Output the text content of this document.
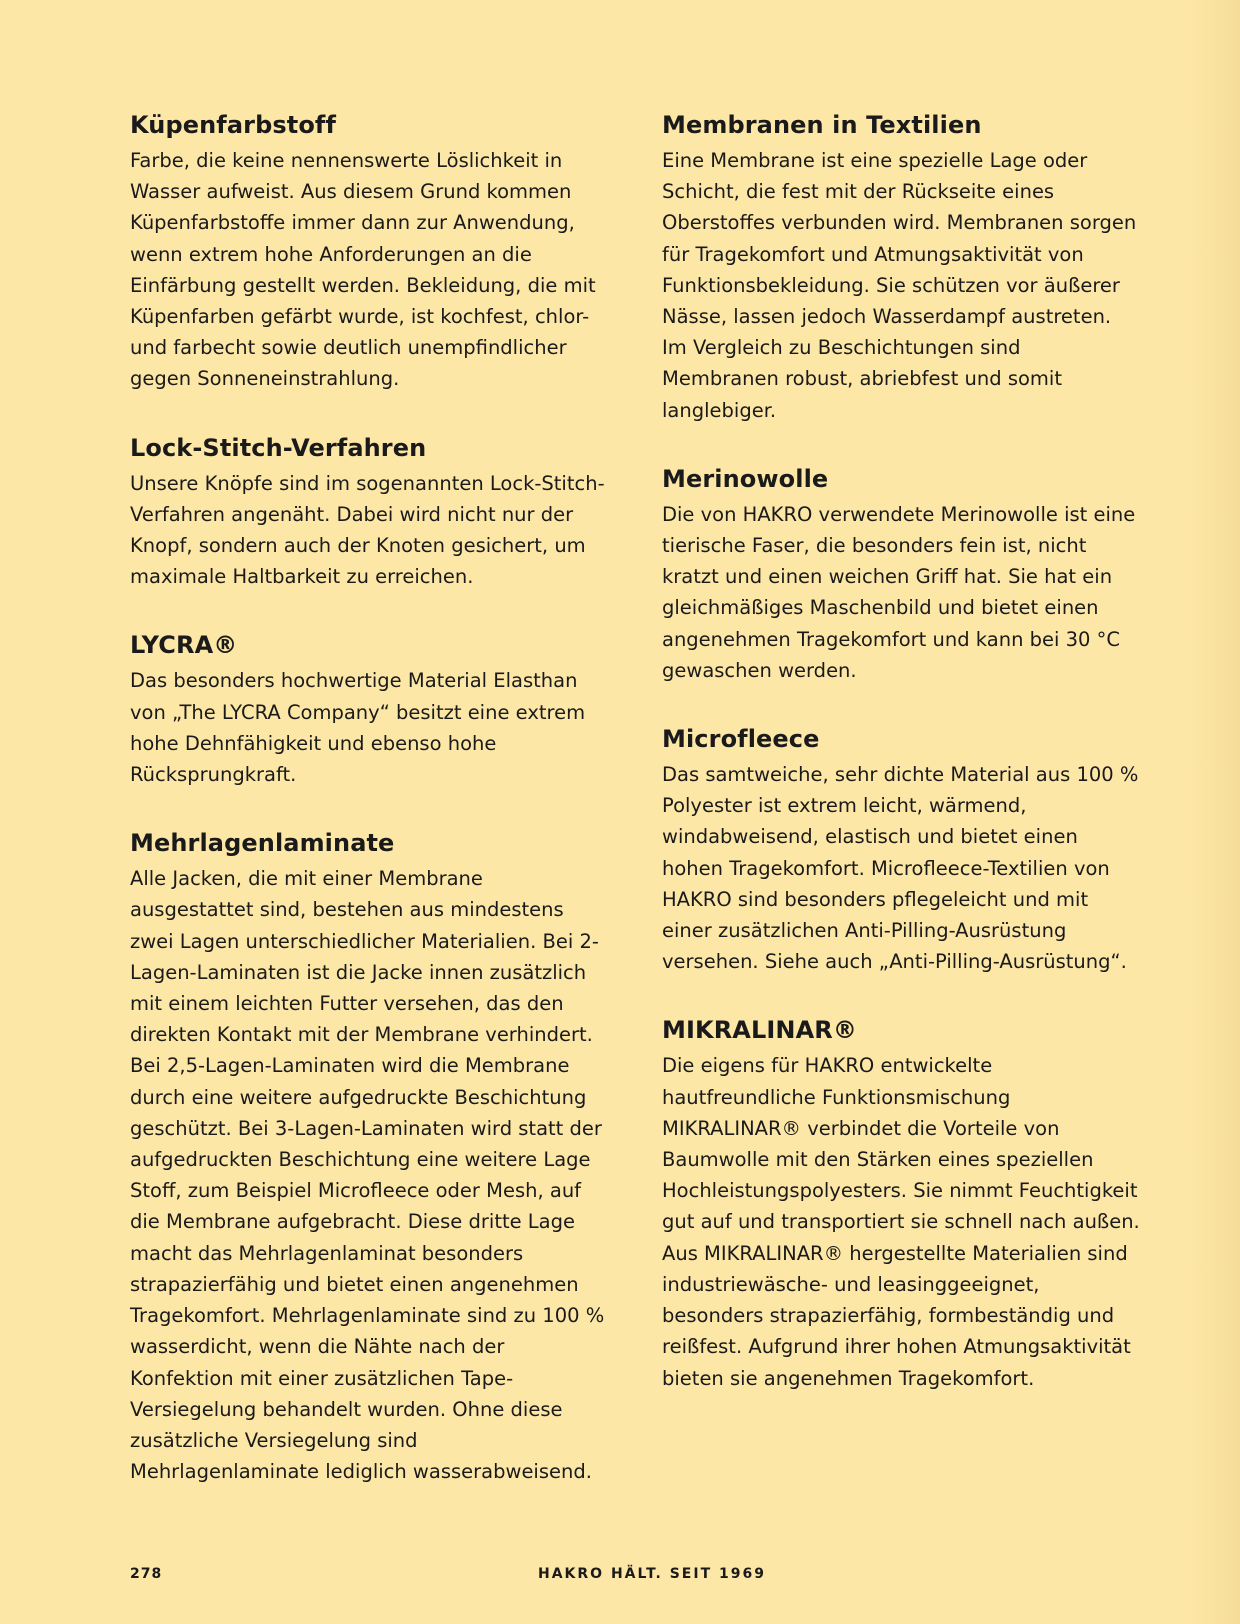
Küpenfarbstoff

Farbe, die keine nennenswerte Löslichkeit in Wasser aufweist. Aus diesem Grund kommen Küpenfarbstoffe immer dann zur Anwendung, wenn extrem hohe Anforderungen an die Einfärbung gestellt werden. Bekleidung, die mit Küpenfarben gefärbt wurde, ist kochfest, chlor- und farbecht sowie deutlich unempfindlicher gegen Sonneneinstrahlung.

Lock-Stitch-Verfahren

Unsere Knöpfe sind im sogenannten Lock-Stitch-Verfahren angenäht. Dabei wird nicht nur der Knopf, sondern auch der Knoten gesichert, um maximale Haltbarkeit zu erreichen.

LYCRA®

Das besonders hochwertige Material Elasthan von „The LYCRA Company“ besitzt eine extrem hohe Dehnfähigkeit und ebenso hohe Rücksprungkraft.

Mehrlagenlaminate

Alle Jacken, die mit einer Membrane ausgestattet sind, bestehen aus mindestens zwei Lagen unterschiedlicher Materialien. Bei 2-Lagen-Laminaten ist die Jacke innen zusätzlich mit einem leichten Futter versehen, das den direkten Kontakt mit der Membrane verhindert. Bei 2,5-Lagen-Laminaten wird die Membrane durch eine weitere aufgedruckte Beschichtung geschützt. Bei 3-Lagen-Laminaten wird statt der aufgedruckten Beschichtung eine weitere Lage Stoff, zum Beispiel Microfleece oder Mesh, auf die Membrane aufgebracht. Diese dritte Lage macht das Mehrlagenlaminat besonders strapazierfähig und bietet einen angenehmen Tragekomfort. Mehrlagenlaminate sind zu 100 % wasserdicht, wenn die Nähte nach der Konfektion mit einer zusätzlichen Tape-Versiegelung behandelt wurden. Ohne diese zusätzliche Versiegelung sind Mehrlagenlaminate lediglich wasserabweisend.

Membranen in Textilien

Eine Membrane ist eine spezielle Lage oder Schicht, die fest mit der Rückseite eines Oberstoffes verbunden wird. Membranen sorgen für Tragekomfort und Atmungsaktivität von Funktionsbekleidung. Sie schützen vor äußerer Nässe, lassen jedoch Wasserdampf austreten. Im Vergleich zu Beschichtungen sind Membranen robust, abriebfest und somit langlebiger.

Merinowolle

Die von HAKRO verwendete Merinowolle ist eine tierische Faser, die besonders fein ist, nicht kratzt und einen weichen Griff hat. Sie hat ein gleichmäßiges Maschenbild und bietet einen angenehmen Tragekomfort und kann bei 30 °C gewaschen werden.

Microfleece

Das samtweiche, sehr dichte Material aus 100 % Polyester ist extrem leicht, wärmend, windabweisend, elastisch und bietet einen hohen Tragekomfort. Microfleece-Textilien von HAKRO sind besonders pflegeleicht und mit einer zusätzlichen Anti-Pilling-Ausrüstung versehen. Siehe auch „Anti-Pilling-Ausrüstung“.

MIKRALINAR®

Die eigens für HAKRO entwickelte hautfreundliche Funktionsmischung MIKRALINAR® verbindet die Vorteile von Baumwolle mit den Stärken eines speziellen Hochleistungspolyesters. Sie nimmt Feuchtigkeit gut auf und transportiert sie schnell nach außen. Aus MIKRALINAR® hergestellte Materialien sind industriewäsche- und leasinggeeignet, besonders strapazierfähig, formbeständig und reißfest. Aufgrund ihrer hohen Atmungsaktivität bieten sie angenehmen Tragekomfort.

278	HAKRO HÄLT. SEIT 1969
